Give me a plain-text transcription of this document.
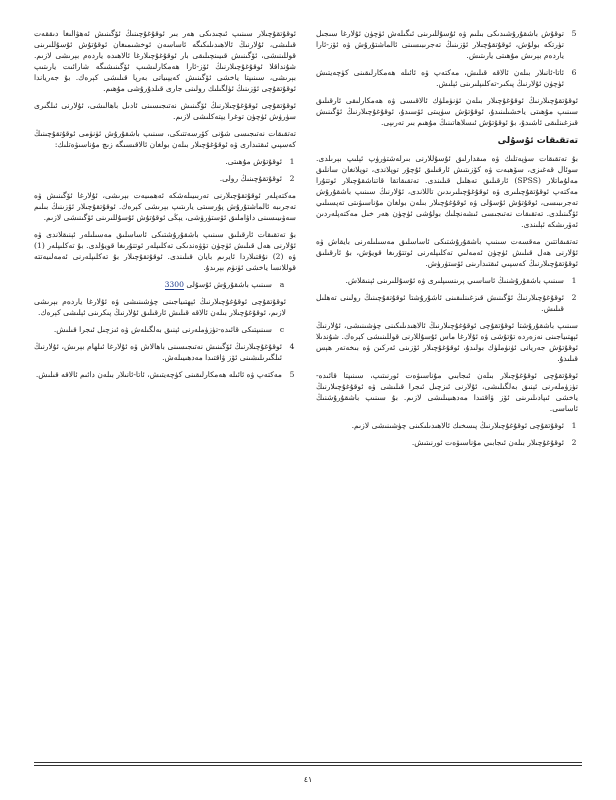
5
توقۇش باشقۇرۇشىدىكى بىلىم ۋە ئۇسۇللىرىنى ئىگىلەش ئۈچۈن ئۇلارغا سىجىل تۈرتكە بولۇش، ئوقۇتقۇچىلار ئۆزىنىڭ تەجرىبىسىنى ئالماشتۇرۇش ۋە ئۆز-ئارا ياردەم بېرىش مۇھىتى يارىتىش.
6
ئاتا-ئانىلار بىلەن ئالاقە قىلىش، مەكتەپ ۋە ئائىلە ھەمكارلىقىنى كۈچەيتىش ئۈچۈن ئۇلارنىڭ پىكىر-تەكلىپلىرىنى ئېلىش.

ئوقۇتقۇچىلارنىڭ ئوقۇغۇچىلار بىلەن ئۈنۈملۈك ئالاقىسى ۋە ھەمكارلىقى ئارقىلىق سىنىپ مۇھىتى ياخشىلىنىدۇ، ئوقۇتۇش سۈپىتى ئۆسىدۇ، ئوقۇغۇچىلارنىڭ ئۆگىنىش قىزغىنلىقى ئاشىدۇ، بۇ ئوقۇتۇش ئىسلاھاتىنىڭ مۇھىم بىر تەرىپى.

تەتقىقات ئۇسۇلى

بۇ تەتقىقات سۈپەتلىك ۋە مىقدارلىق ئۇسۇللارنى بىرلەشتۈرۈپ ئېلىپ بېرىلدى. سوئال قەغىزى، سۆھبەت ۋە كۆزىتىش ئارقىلىق ئۇچۇر توپلاندى، توپلانغان سانلىق مەلۇماتلار (SPSS) ئارقىلىق تەھلىل قىلىندى. تەتقىقاتقا قاتناشقۇچىلار ئوتتۇرا مەكتەپ ئوقۇتقۇچىلىرى ۋە ئوقۇغۇچىلىرىدىن تاللاندى، ئۇلارنىڭ سىنىپ باشقۇرۇش تەجرىبىسى، ئوقۇتۇش ئۇسۇلى ۋە ئوقۇغۇچىلار بىلەن بولغان مۇناسىۋىتى تەپسىلىي ئۆگىنىلدى. تەتقىقات نەتىجىسى ئىشەنچلىك بولۇشى ئۈچۈن ھەر خىل مەكتەپلەردىن ئەۋرىشكە ئېلىندى.

تەتقىقاتتىن مەقسەت سىنىپ باشقۇرۇشتىكى ئاساسلىق مەسىلىلەرنى بايقاش ۋە ئۇلارنى ھەل قىلىش ئۈچۈن ئەمەلىي تەكلىپلەرنى ئوتتۇرىغا قويۇش، بۇ ئارقىلىق ئوقۇتقۇچىلارنىڭ كەسپىي ئىقتىدارىنى ئۆستۈرۈش.

1
سىنىپ باشقۇرۇشنىڭ ئاساسىي پرىنسىپلىرى ۋە ئۇسۇللىرىنى ئېنىقلاش.
2
ئوقۇغۇچىلارنىڭ ئۆگىنىش قىزغىنلىقىنى ئاشۇرۇشتا ئوقۇتقۇچىنىڭ رولىنى تەھلىل قىلىش.

سىنىپ باشقۇرۇشتا ئوقۇتقۇچى ئوقۇغۇچىلارنىڭ ئالاھىدىلىكىنى چۈشىنىشى، ئۇلارنىڭ ئېھتىياجىنى نەزەردە تۇتۇشى ۋە ئۇلارغا ماس ئۇسۇللارنى قوللىنىشى كېرەك. شۇندىلا ئوقۇتۇش جەريانى ئۈنۈملۈك بولىدۇ، ئوقۇغۇچىلار ئۆزىنى ئەركىن ۋە بىخەتەر ھېس قىلىدۇ.

ئوقۇتقۇچى ئوقۇغۇچىلار بىلەن ئىجابىي مۇناسىۋەت ئورنىتىپ، سىنىپتا قائىدە-تۈزۈملەرنى ئېنىق بەلگىلىشى، ئۇلارنى ئىزچىل ئىجرا قىلىشى ۋە ئوقۇغۇچىلارنىڭ ياخشى ئىپادىلىرىنى ئۆز ۋاقتىدا مەدھىيىلىشى لازىم. بۇ سىنىپ باشقۇرۇشنىڭ ئاساسى.

1
ئوقۇتقۇچى ئوقۇغۇچىلارنىڭ پىسخىك ئالاھىدىلىكىنى چۈشىنىشى لازىم.
2
ئوقۇغۇچىلار بىلەن ئىجابىي مۇناسىۋەت ئورنىتىش.

ئوقۇتقۇچىلار سىنىپ ئىچىدىكى ھەر بىر ئوقۇغۇچىنىڭ ئۆگىنىش ئەھۋالىغا دىققەت قىلىشى، ئۇلارنىڭ ئالاھىدىلىكىگە ئاساسەن ئوخشىمىغان ئوقۇتۇش ئۇسۇللىرىنى قوللىنىشى، ئۆگىنىش قىيىنچىلىقى بار ئوقۇغۇچىلارغا ئالاھىدە ياردەم بېرىشى لازىم. شۇنداقلا ئوقۇغۇچىلارنىڭ ئۆز-ئارا ھەمكارلىشىپ ئۆگىنىشىگە شارائىت يارىتىپ بېرىشى، سىنىپتا ياخشى ئۆگىنىش كەيپىياتى بەرپا قىلىشى كېرەك. بۇ جەرياندا ئوقۇتقۇچى ئۆزىنىڭ ئۈلگىلىك رولىنى جارى قىلدۇرۇشى مۇھىم.

ئوقۇتقۇچى ئوقۇغۇچىلارنىڭ ئۆگىنىش نەتىجىسىنى ئادىل باھالىشى، ئۇلارنى ئىلگىرى سۈرۈش ئۈچۈن توغرا يېتەكلىشى لازىم.

تەتقىقات نەتىجىسى شۇنى كۆرسەتتىكى، سىنىپ باشقۇرۇش ئۈنۈمى ئوقۇتقۇچىنىڭ كەسپىي ئىقتىدارى ۋە ئوقۇغۇچىلار بىلەن بولغان ئالاقىسىگە زىچ مۇناسىۋەتلىك:

1
ئوقۇتۇش مۇھىتى.
2
ئوقۇتقۇچىنىڭ رولى.

مەكتەپلەر ئوقۇتقۇچىلارنى تەربىيىلەشكە ئەھمىيەت بېرىشى، ئۇلارغا ئۆگىنىش ۋە تەجرىبە ئالماشتۇرۇش پۇرسىتى يارىتىپ بېرىشى كېرەك. ئوقۇتقۇچىلار ئۆزىنىڭ بىلىم سەۋىيىسىنى داۋاملىق ئۆستۈرۈشى، يېڭى ئوقۇتۇش ئۇسۇللىرىنى ئۆگىنىشى لازىم.

بۇ تەتقىقات ئارقىلىق سىنىپ باشقۇرۇشتىكى ئاساسلىق مەسىلىلەر ئېنىقلاندى ۋە ئۇلارنى ھەل قىلىش ئۈچۈن تۆۋەندىكى تەكلىپلەر ئوتتۇرىغا قويۇلدى. بۇ تەكلىپلەر (1) ۋە (2) نۇقتىلاردا ئايرىم بايان قىلىندى. ئوقۇتقۇچىلار بۇ تەكلىپلەرنى ئەمەلىيەتتە قوللانسا ياخشى ئۈنۈم بېرىدۇ.

a
سىنىپ باشقۇرۇش ئۇسۇلى 3300

ئوقۇتقۇچى ئوقۇغۇچىلارنىڭ ئېھتىياجىنى چۈشىنىشى ۋە ئۇلارغا ياردەم بېرىشى لازىم، ئوقۇغۇچىلار بىلەن ئالاقە قىلىش ئارقىلىق ئۇلارنىڭ پىكرىنى ئېلىشى كېرەك.

c
سىنىپتىكى قائىدە-تۈزۈملەرنى ئېنىق بەلگىلەش ۋە ئىزچىل ئىجرا قىلىش.
4
ئوقۇغۇچىلارنىڭ ئۆگىنىش نەتىجىسىنى باھالاش ۋە ئۇلارغا ئىلھام بېرىش، ئۇلارنىڭ ئىلگىرىلىشىنى ئۆز ۋاقتىدا مەدھىيىلەش.
5
مەكتەپ ۋە ئائىلە ھەمكارلىقىنى كۈچەيتىش، ئاتا-ئانىلار بىلەن دائىم ئالاقە قىلىش.
٤١
